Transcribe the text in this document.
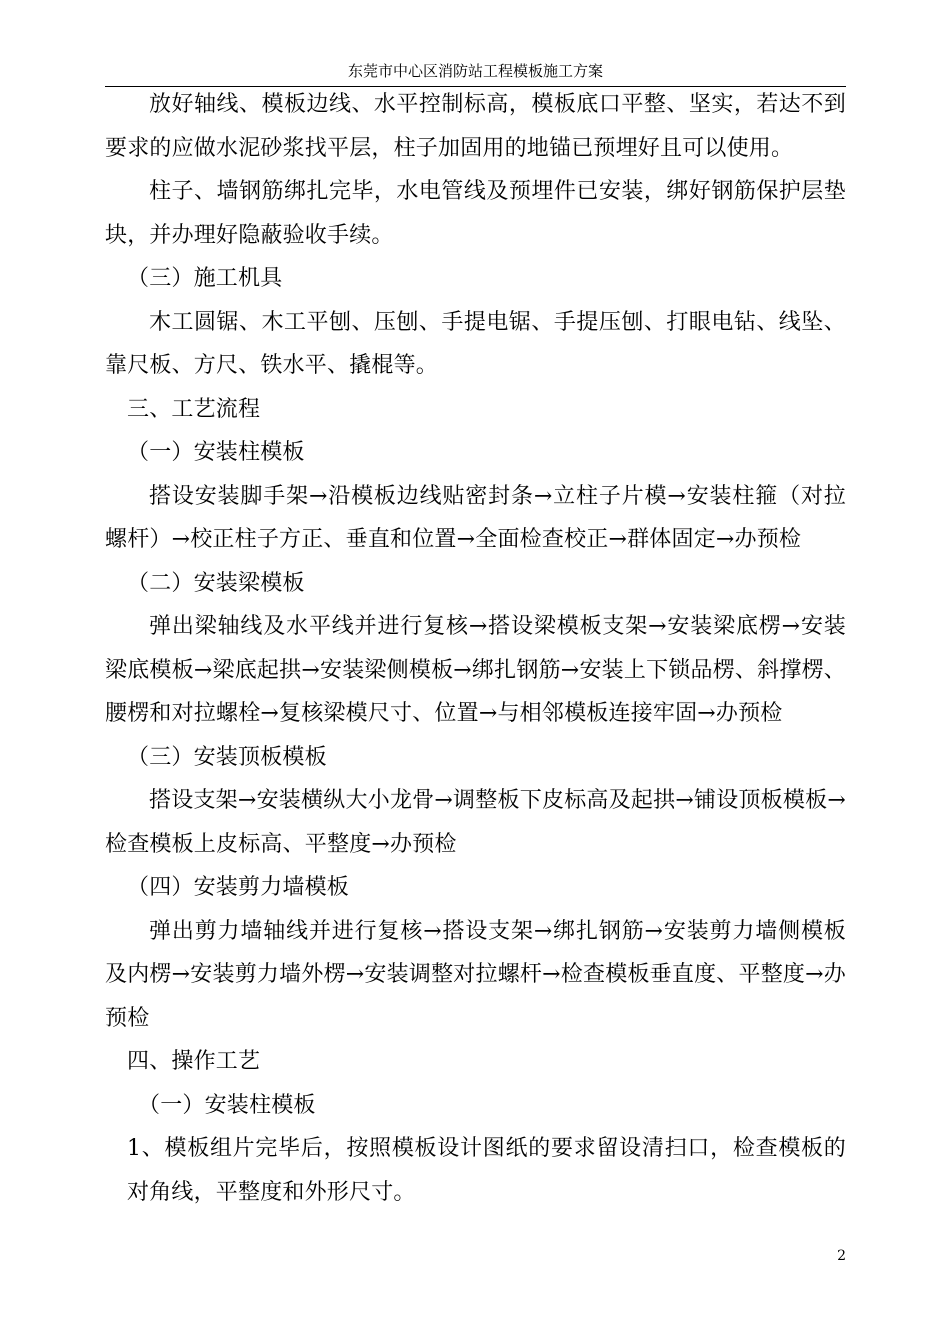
东莞市中心区消防站工程模板施工方案

放好轴线、模板边线、水平控制标高，模板底口平整、坚实，若达不到要求的应做水泥砂浆找平层，柱子加固用的地锚已预埋好且可以使用。

柱子、墙钢筋绑扎完毕，水电管线及预埋件已安装，绑好钢筋保护层垫块，并办理好隐蔽验收手续。

（三）施工机具

木工圆锯、木工平刨、压刨、手提电锯、手提压刨、打眼电钻、线坠、靠尺板、方尺、铁水平、撬棍等。

三、工艺流程

（一）安装柱模板

搭设安装脚手架→沿模板边线贴密封条→立柱子片模→安装柱箍（对拉螺杆）→校正柱子方正、垂直和位置→全面检查校正→群体固定→办预检

（二）安装梁模板

弹出梁轴线及水平线并进行复核→搭设梁模板支架→安装梁底楞→安装梁底模板→梁底起拱→安装梁侧模板→绑扎钢筋→安装上下锁品楞、斜撑楞、腰楞和对拉螺栓→复核梁模尺寸、位置→与相邻模板连接牢固→办预检

（三）安装顶板模板

搭设支架→安装横纵大小龙骨→调整板下皮标高及起拱→铺设顶板模板→检查模板上皮标高、平整度→办预检

（四）安装剪力墙模板

弹出剪力墙轴线并进行复核→搭设支架→绑扎钢筋→安装剪力墙侧模板及内楞→安装剪力墙外楞→安装调整对拉螺杆→检查模板垂直度、平整度→办预检

四、操作工艺

（一）安装柱模板

1、模板组片完毕后，按照模板设计图纸的要求留设清扫口，检查模板的对角线，平整度和外形尺寸。

2
